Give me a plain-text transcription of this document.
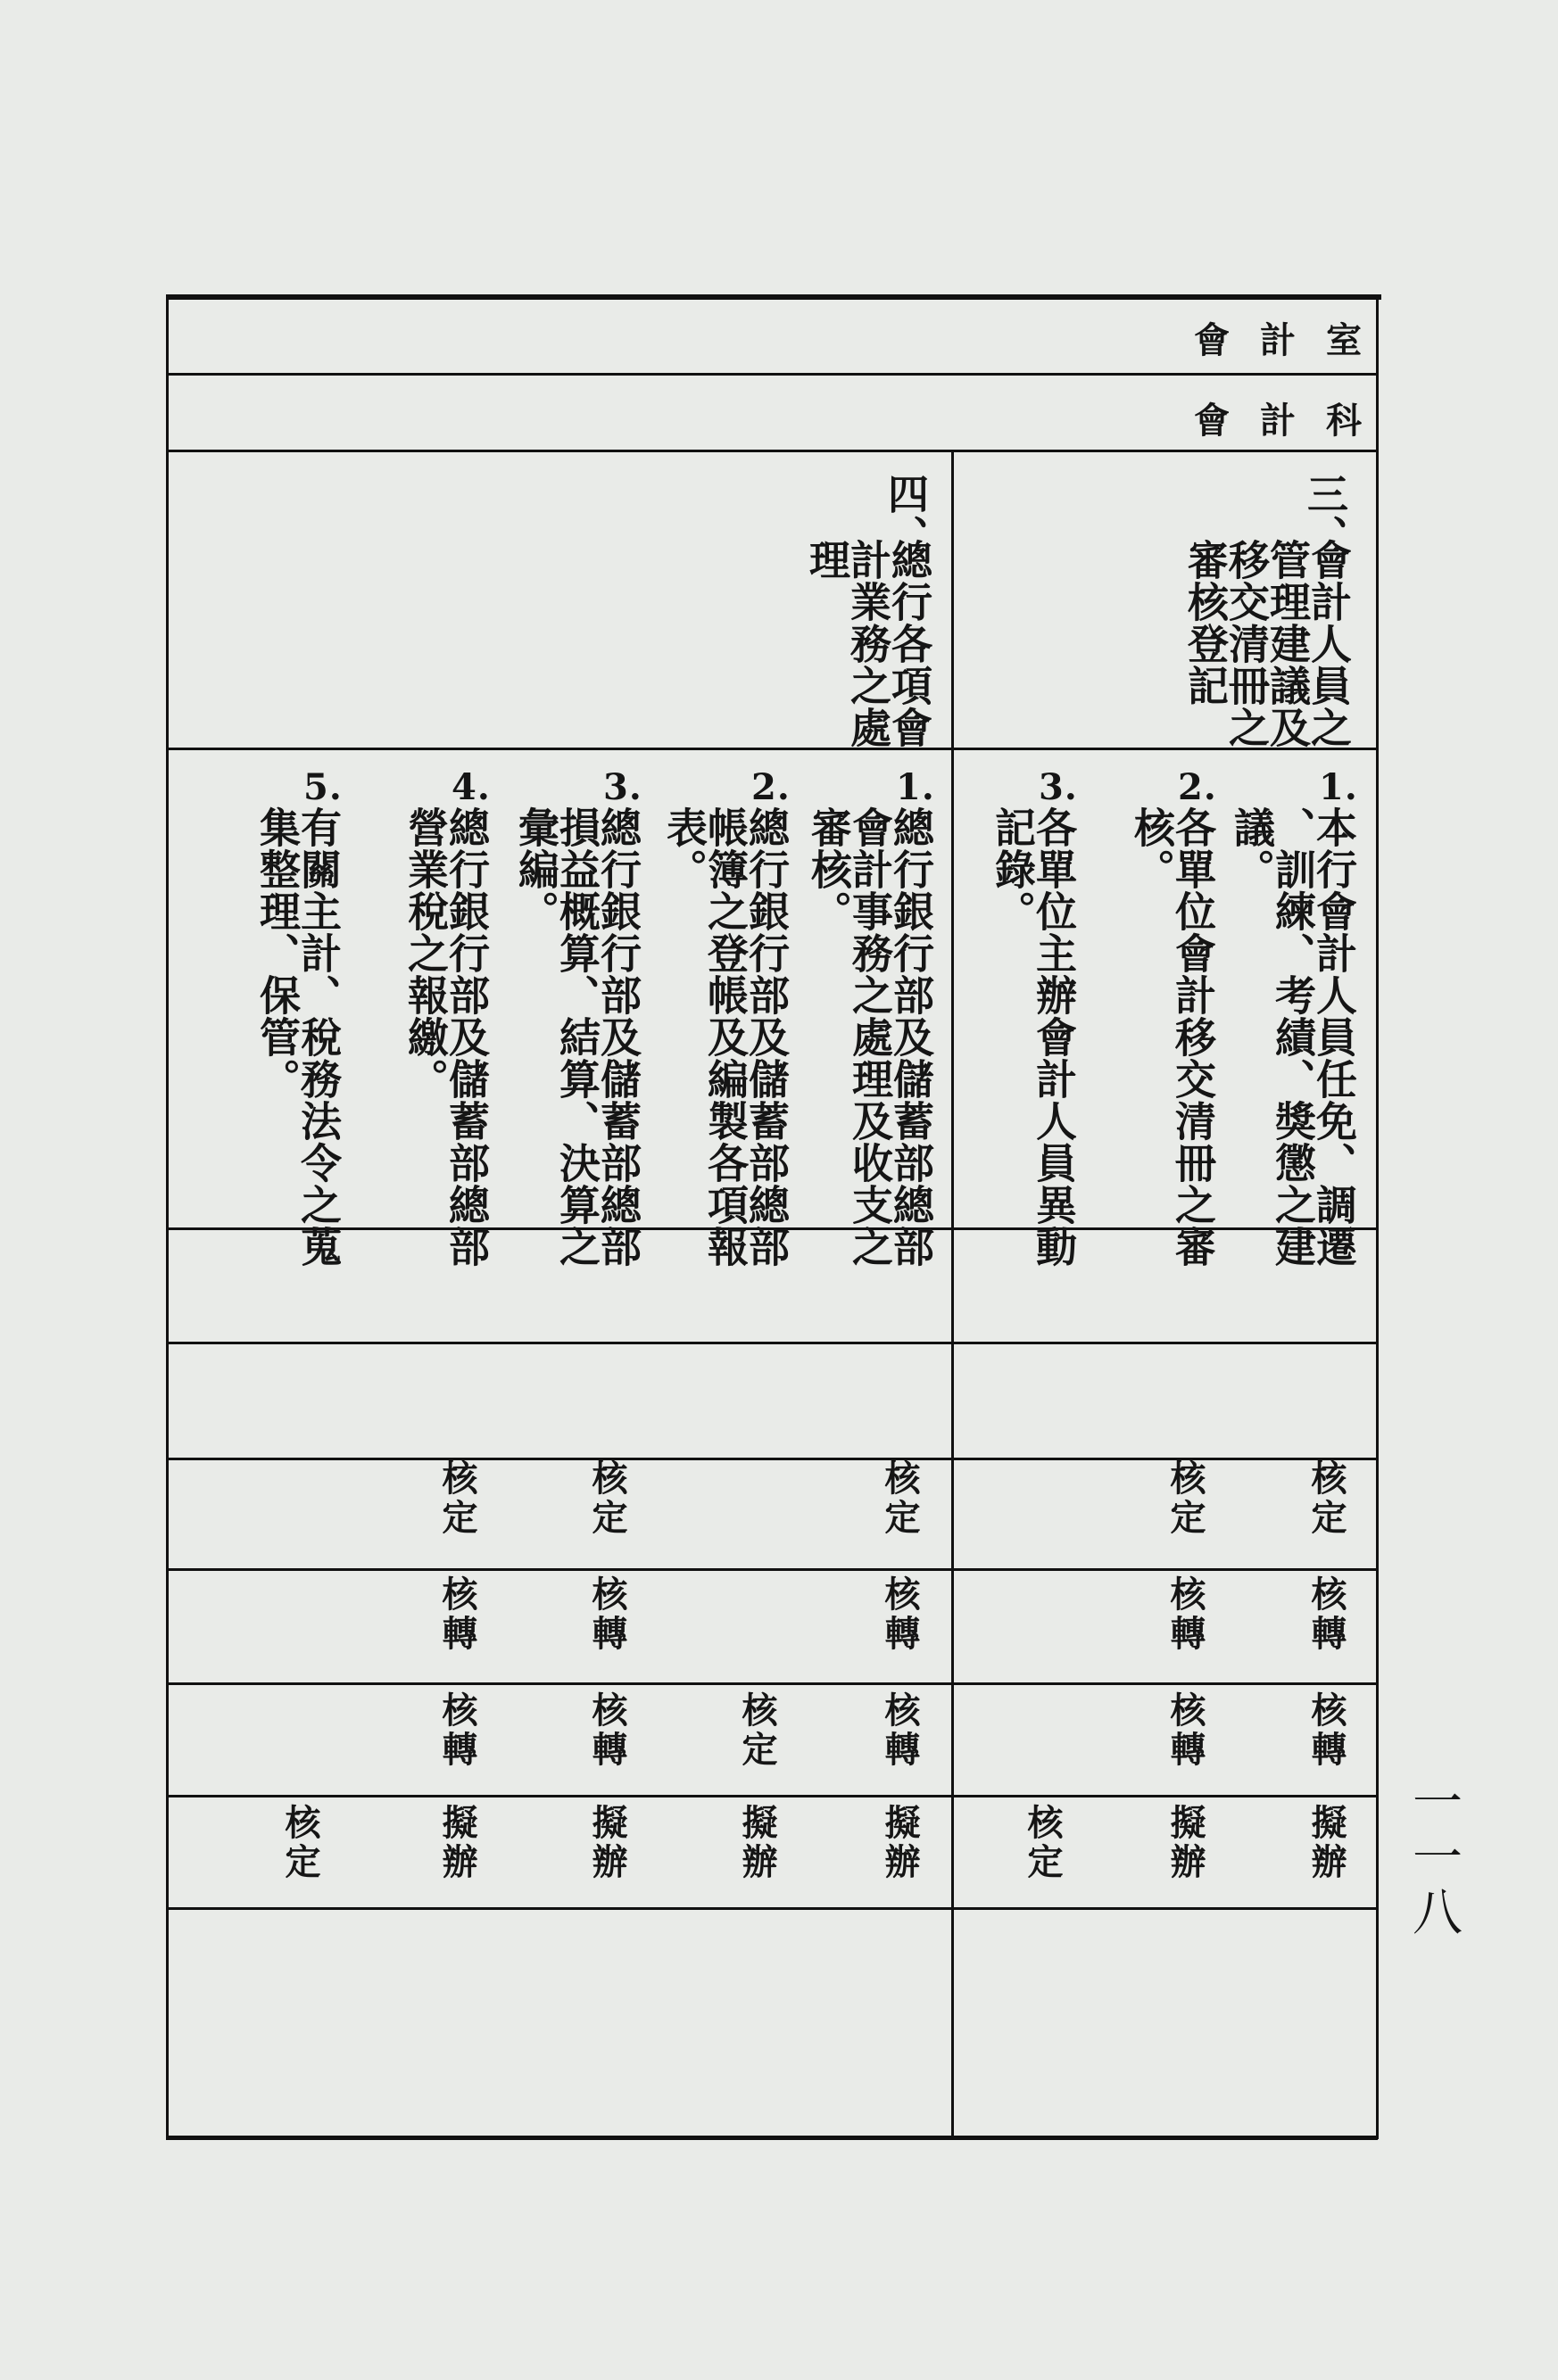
會計室
會計科
三、
會計人員之
管理建議及
移交清冊之
審核登記
四、
總行各項會
計業務之處
理
1.
本行會計人員任免、調遷
、訓練、考績、獎懲之建
議。
2.
各單位會計移交清冊之審
核。
3.
各單位主辦會計人員異動
記錄。
1.
總行銀行部及儲蓄部總部
會計事務之處理及收支之
審核。
2.
總行銀行部及儲蓄部總部
帳簿之登帳及編製各項報
表。
3.
總行銀行部及儲蓄部總部
損益概算、結算、決算之
彙編。
4.
總行銀行部及儲蓄部總部
營業稅之報繳。
5.
有關主計、稅務法令之蒐
集整理、保管。
核定
核定
核定
核定
核定
核轉
核轉
核轉
核轉
核轉
核轉
核轉
核轉
核定
核轉
核轉
擬辦
擬辦
核定
擬辦
擬辦
擬辦
擬辦
核定	一一八
